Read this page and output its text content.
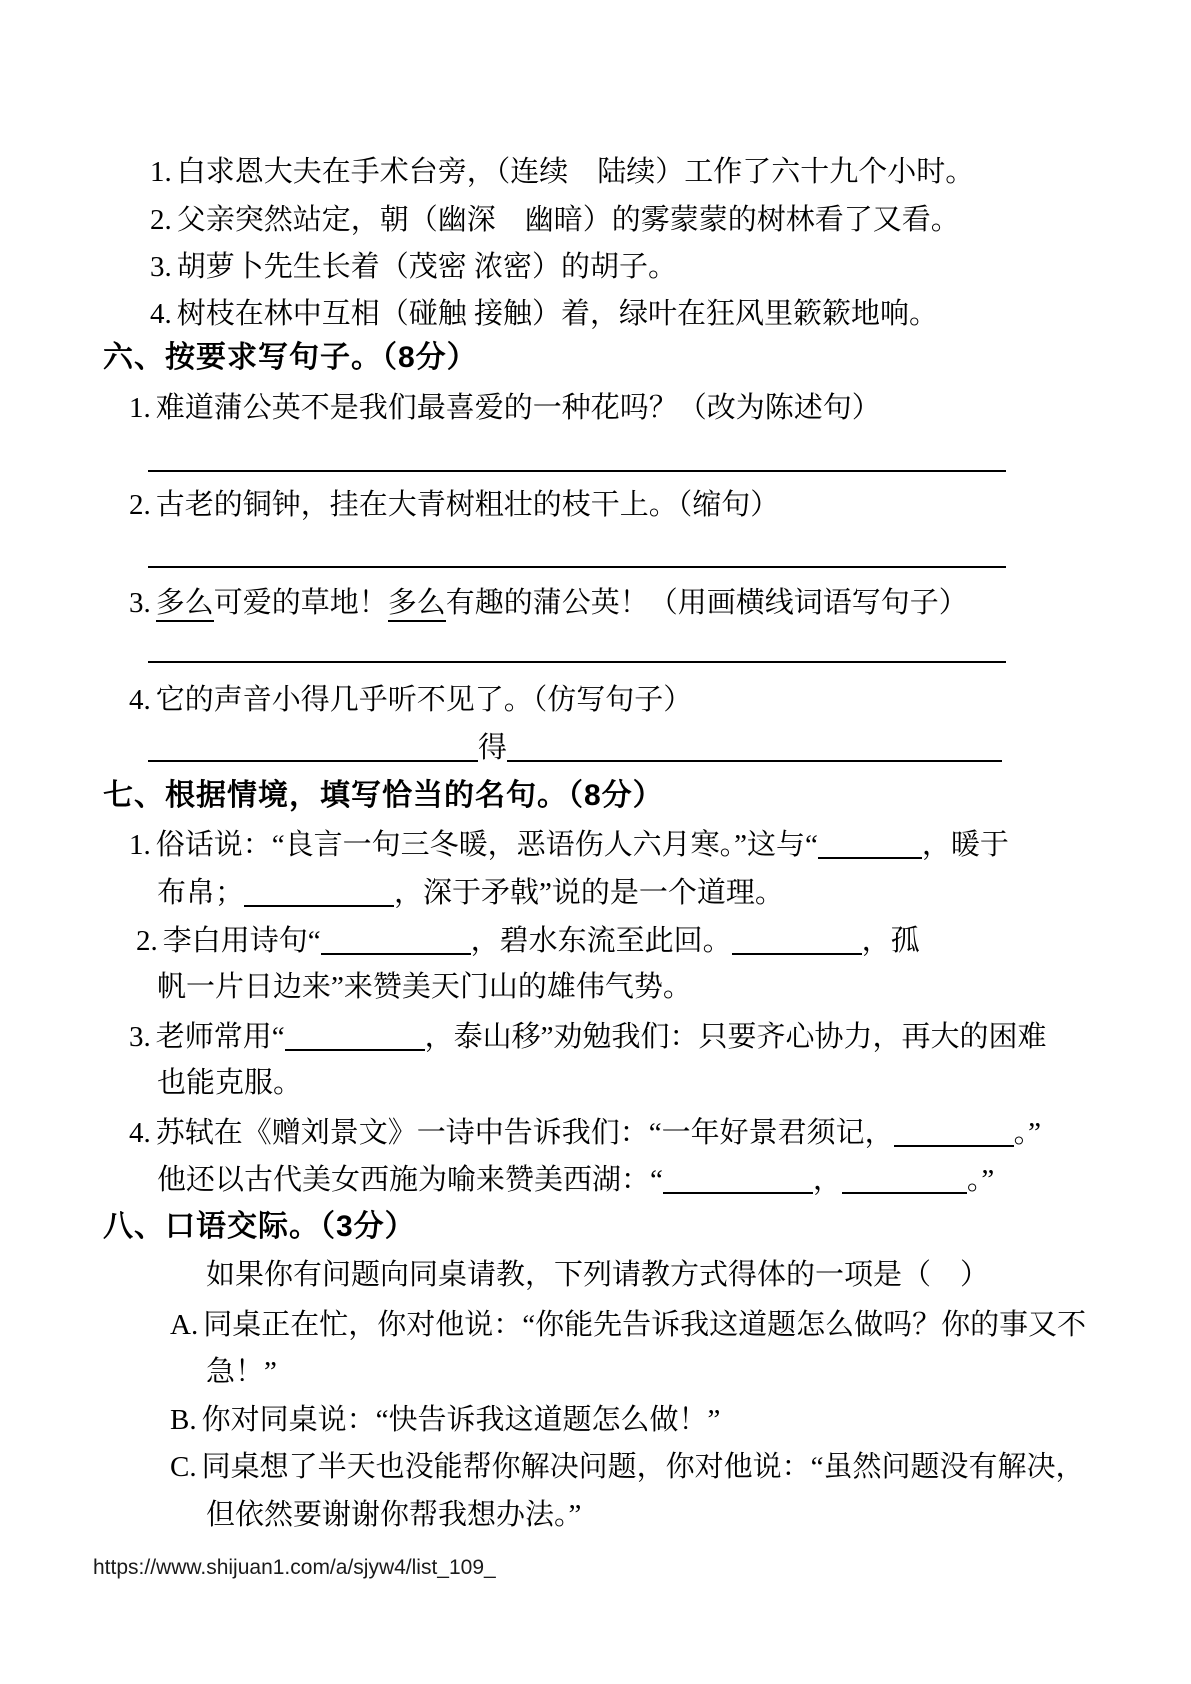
1. 白求恩大夫在手术台旁，（连续　陆续）工作了六十九个小时。
2. 父亲突然站定，朝（幽深　幽暗）的雾蒙蒙的树林看了又看。
3. 胡萝卜先生长着（茂密 浓密）的胡子。
4. 树枝在林中互相（碰触 接触）着，绿叶在狂风里簌簌地响。
六、按要求写句子。（8分）
1. 难道蒲公英不是我们最喜爱的一种花吗？（改为陈述句）
2. 古老的铜钟，挂在大青树粗壮的枝干上。（缩句）
3. 多么可爱的草地！多么有趣的蒲公英！（用画横线词语写句子）
4. 它的声音小得几乎听不见了。（仿写句子）
得
七、根据情境，填写恰当的名句。（8分）
1. 俗话说：“良言一句三冬暖，恶语伤人六月寒。”这与“	，暖于
布帛；	，深于矛戟”说的是一个道理。
2. 李白用诗句“	，碧水东流至此回。	，孤
帆一片日边来”来赞美天门山的雄伟气势。
3. 老师常用“	，泰山移”劝勉我们：只要齐心协力，再大的困难
也能克服。
4. 苏轼在《赠刘景文》一诗中告诉我们：“一年好景君须记，	。”
他还以古代美女西施为喻来赞美西湖：“	，	。”
八、口语交际。（3分）
如果你有问题向同桌请教，下列请教方式得体的一项是（　）
A. 同桌正在忙，你对他说：“你能先告诉我这道题怎么做吗？你的事又不
急！”
B. 你对同桌说：“快告诉我这道题怎么做！”
C. 同桌想了半天也没能帮你解决问题，你对他说：“虽然问题没有解决，
但依然要谢谢你帮我想办法。”
https://www.shijuan1.com/a/sjyw4/list_109_
